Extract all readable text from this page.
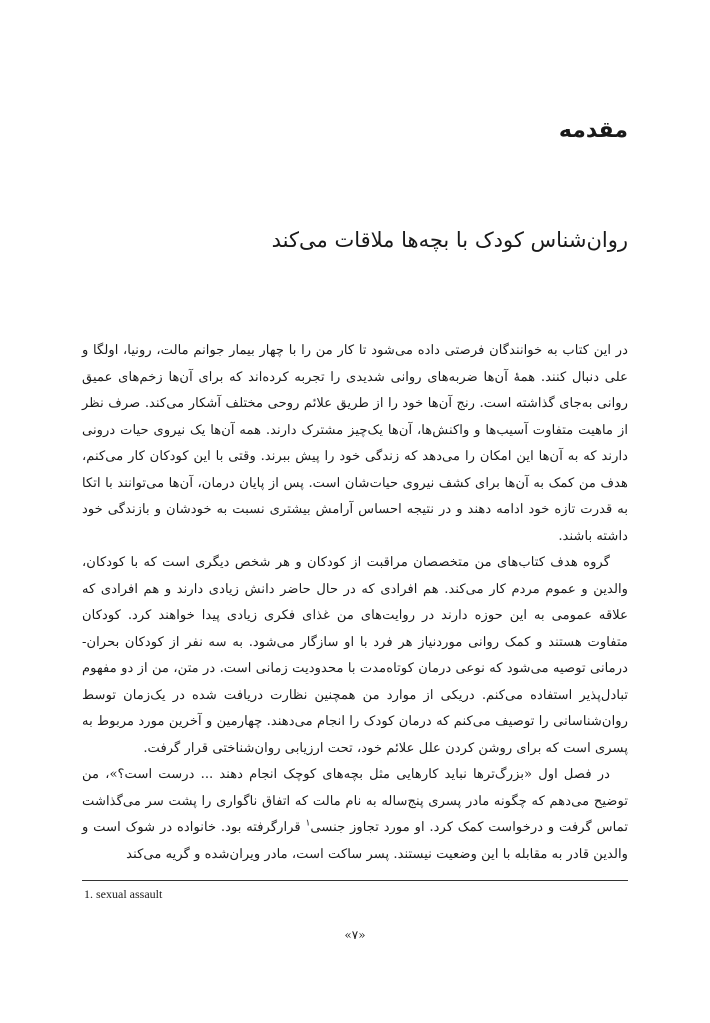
مقدمه
روان‌شناس کودک با بچه‌ها ملاقات می‌کند

در این کتاب به خوانندگان فرصتی داده می‌شود تا کار من را با چهار بیمار جوانم مالت، رونیا، اولگا و علی دنبال کنند. همهٔ آن‌ها ضربه‌های روانی شدیدی را تجربه کرده‌اند که برای آن‌ها زخم‌های عمیق روانی به‌جای گذاشته است. رنج آن‌ها خود را از طریق علائم روحی مختلف آشکار می‌کند. صرف نظر از ماهیت متفاوت آسیب‌ها و واکنش‌ها، آن‌ها یک‌چیز مشترک دارند. همه آن‌ها یک نیروی حیات درونی دارند که به آن‌ها این امکان را می‌دهد که زندگی خود را پیش ببرند. وقتی با این کودکان کار می‌کنم، هدف من کمک به آن‌ها برای کشف نیروی حیات‌شان است. پس از پایان درمان، آن‌ها می‌توانند با اتکا به قدرت تازه خود ادامه دهند و در نتیجه احساس آرامش بیشتری نسبت به خودشان و بازندگی خود داشته باشند.

گروه هدف کتاب‌های من متخصصان مراقبت از کودکان و هر شخص دیگری است که با کودکان، والدین و عموم مردم کار می‌کند. هم افرادی که در حال حاضر دانش زیادی دارند و هم افرادی که علاقه عمومی به این حوزه دارند در روایت‌های من غذای فکری زیادی پیدا خواهند کرد. کودکان متفاوت هستند و کمک روانی موردنیاز هر فرد با او سازگار می‌شود. به سه نفر از کودکان بحران-درمانی توصیه می‌شود که نوعی درمان کوتاه‌مدت با محدودیت زمانی است. در متن، من از دو مفهوم تبادل‌پذیر استفاده می‌کنم. دریکی از موارد من همچنین نظارت دریافت شده در یک‌زمان توسط روان‌شناسانی را توصیف می‌کنم که درمان کودک را انجام می‌دهند. چهارمین و آخرین مورد مربوط به پسری است که برای روشن کردن علل علائم خود، تحت ارزیابی روان‌شناختی قرار گرفت.

در فصل اول «بزرگ‌ترها نباید کارهایی مثل بچه‌های کوچک انجام دهند ... درست است؟»، من توضیح می‌دهم که چگونه مادر پسری پنج‌ساله به نام مالت که اتفاق ناگواری را پشت سر می‌گذاشت تماس گرفت و درخواست کمک کرد. او مورد تجاوز جنسی$^۱$ قرارگرفته بود. خانواده در شوک است و والدین قادر به مقابله با این وضعیت نیستند. پسر ساکت است، مادر ویران‌شده و گریه می‌کند

1. sexual assault
«۷»
